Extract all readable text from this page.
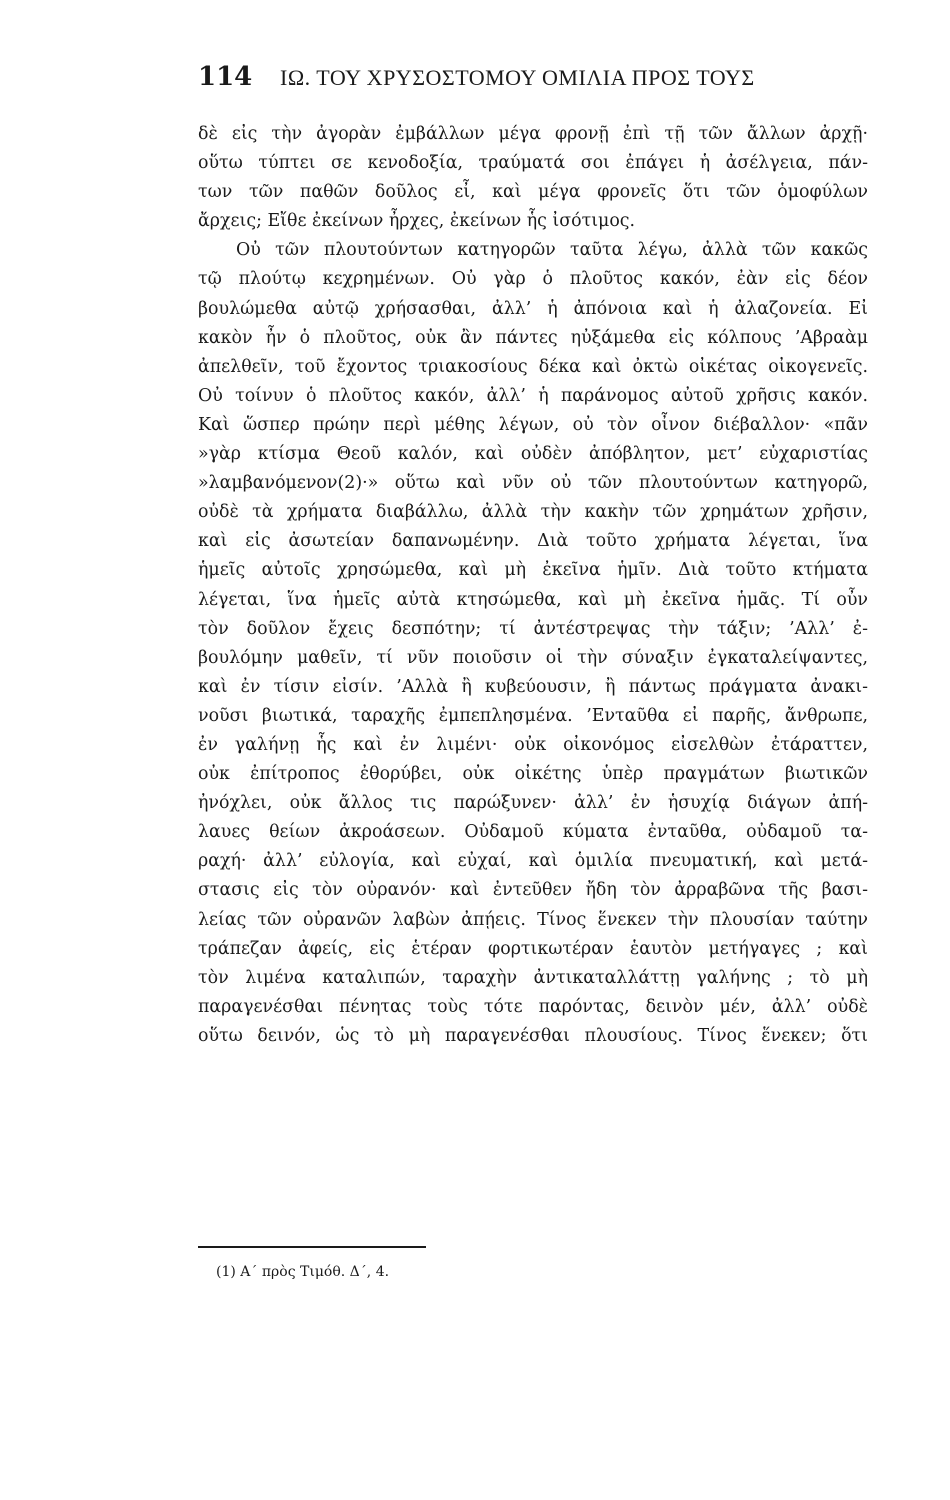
114	ΙΩ. ΤΟΥ ΧΡΥΣΟΣΤΟΜΟΥ ΟΜΙΛΙΑ ΠΡΟΣ ΤΟΥΣ
δὲ εἰς τὴν ἀγορὰν ἐμβάλλων μέγα φρονῇ ἐπὶ τῇ τῶν ἄλλων ἀρχῇ·
οὕτω τύπτει σε κενοδοξία, τραύματά σοι ἐπάγει ἡ ἀσέλγεια, πάν-
των τῶν παθῶν δοῦλος εἶ, καὶ μέγα φρονεῖς ὅτι τῶν ὁμοφύλων
ἄρχεις; Εἴθε ἐκείνων ἦρχες, ἐκείνων ἧς ἰσότιμος.
Οὐ τῶν πλουτούντων κατηγορῶν ταῦτα λέγω, ἀλλὰ τῶν κακῶς
τῷ πλούτῳ κεχρημένων. Οὐ γὰρ ὁ πλοῦτος κακόν, ἐὰν εἰς δέον
βουλώμεθα αὐτῷ χρήσασθαι, ἀλλ’ ἡ ἀπόνοια καὶ ἡ ἀλαζονεία. Εἰ
κακὸν ἦν ὁ πλοῦτος, οὐκ ἂν πάντες ηὐξάμεθα εἰς κόλπους ’Αβραὰμ
ἀπελθεῖν, τοῦ ἔχοντος τριακοσίους δέκα καὶ ὀκτὼ οἰκέτας οἰκογενεῖς.
Οὐ τοίνυν ὁ πλοῦτος κακόν, ἀλλ’ ἡ παράνομος αὐτοῦ χρῆσις κακόν.
Καὶ ὥσπερ πρώην περὶ μέθης λέγων, οὐ τὸν οἶνον διέβαλλον· «πᾶν
»γὰρ κτίσμα Θεοῦ καλόν, καὶ οὐδὲν ἀπόβλητον, μετ’ εὐχαριστίας
»λαμβανόμενον(2)·» οὕτω καὶ νῦν οὐ τῶν πλουτούντων κατηγορῶ,
οὐδὲ τὰ χρήματα διαβάλλω, ἀλλὰ τὴν κακὴν τῶν χρημάτων χρῆσιν,
καὶ εἰς ἀσωτείαν δαπανωμένην. Διὰ τοῦτο χρήματα λέγεται, ἵνα
ἡμεῖς αὐτοῖς χρησώμεθα, καὶ μὴ ἐκεῖνα ἡμῖν. Διὰ τοῦτο κτήματα
λέγεται, ἵνα ἡμεῖς αὐτὰ κτησώμεθα, καὶ μὴ ἐκεῖνα ἡμᾶς. Τί οὖν
τὸν δοῦλον ἔχεις δεσπότην; τί ἀντέστρεψας τὴν τάξιν; ’Αλλ’ ἐ-
βουλόμην μαθεῖν, τί νῦν ποιοῦσιν οἱ τὴν σύναξιν ἐγκαταλείψαντες,
καὶ ἐν τίσιν εἰσίν. ’Αλλὰ ἢ κυβεύουσιν, ἢ πάντως πράγματα ἀνακι-
νοῦσι βιωτικά, ταραχῆς ἐμπεπλησμένα. ’Ενταῦθα εἰ παρῆς, ἄνθρωπε,
ἐν γαλήνῃ ἧς καὶ ἐν λιμένι· οὐκ οἰκονόμος εἰσελθὼν ἐτάραττεν,
οὐκ ἐπίτροπος ἐθορύβει, οὐκ οἰκέτης ὑπὲρ πραγμάτων βιωτικῶν
ἠνόχλει, οὐκ ἄλλος τις παρώξυνεν· ἀλλ’ ἐν ἡσυχίᾳ διάγων ἀπή-
λαυες θείων ἀκροάσεων. Οὐδαμοῦ κύματα ἐνταῦθα, οὐδαμοῦ τα-
ραχή· ἀλλ’ εὐλογία, καὶ εὐχαί, καὶ ὁμιλία πνευματική, καὶ μετά-
στασις εἰς τὸν οὐρανόν· καὶ ἐντεῦθεν ἤδη τὸν ἀρραβῶνα τῆς βασι-
λείας τῶν οὐρανῶν λαβὼν ἀπῄεις. Τίνος ἕνεκεν τὴν πλουσίαν ταύτην
τράπεζαν ἀφείς, εἰς ἑτέραν φορτικωτέραν ἑαυτὸν μετήγαγες ; καὶ
τὸν λιμένα καταλιπών, ταραχὴν ἀντικαταλλάττῃ γαλήνης ; τὸ μὴ
παραγενέσθαι πένητας τοὺς τότε παρόντας, δεινὸν μέν, ἀλλ’ οὐδὲ
οὕτω δεινόν, ὡς τὸ μὴ παραγενέσθαι πλουσίους. Τίνος ἕνεκεν; ὅτι
(1) Α΄ πρὸς Τιμόθ. Δ΄, 4.
